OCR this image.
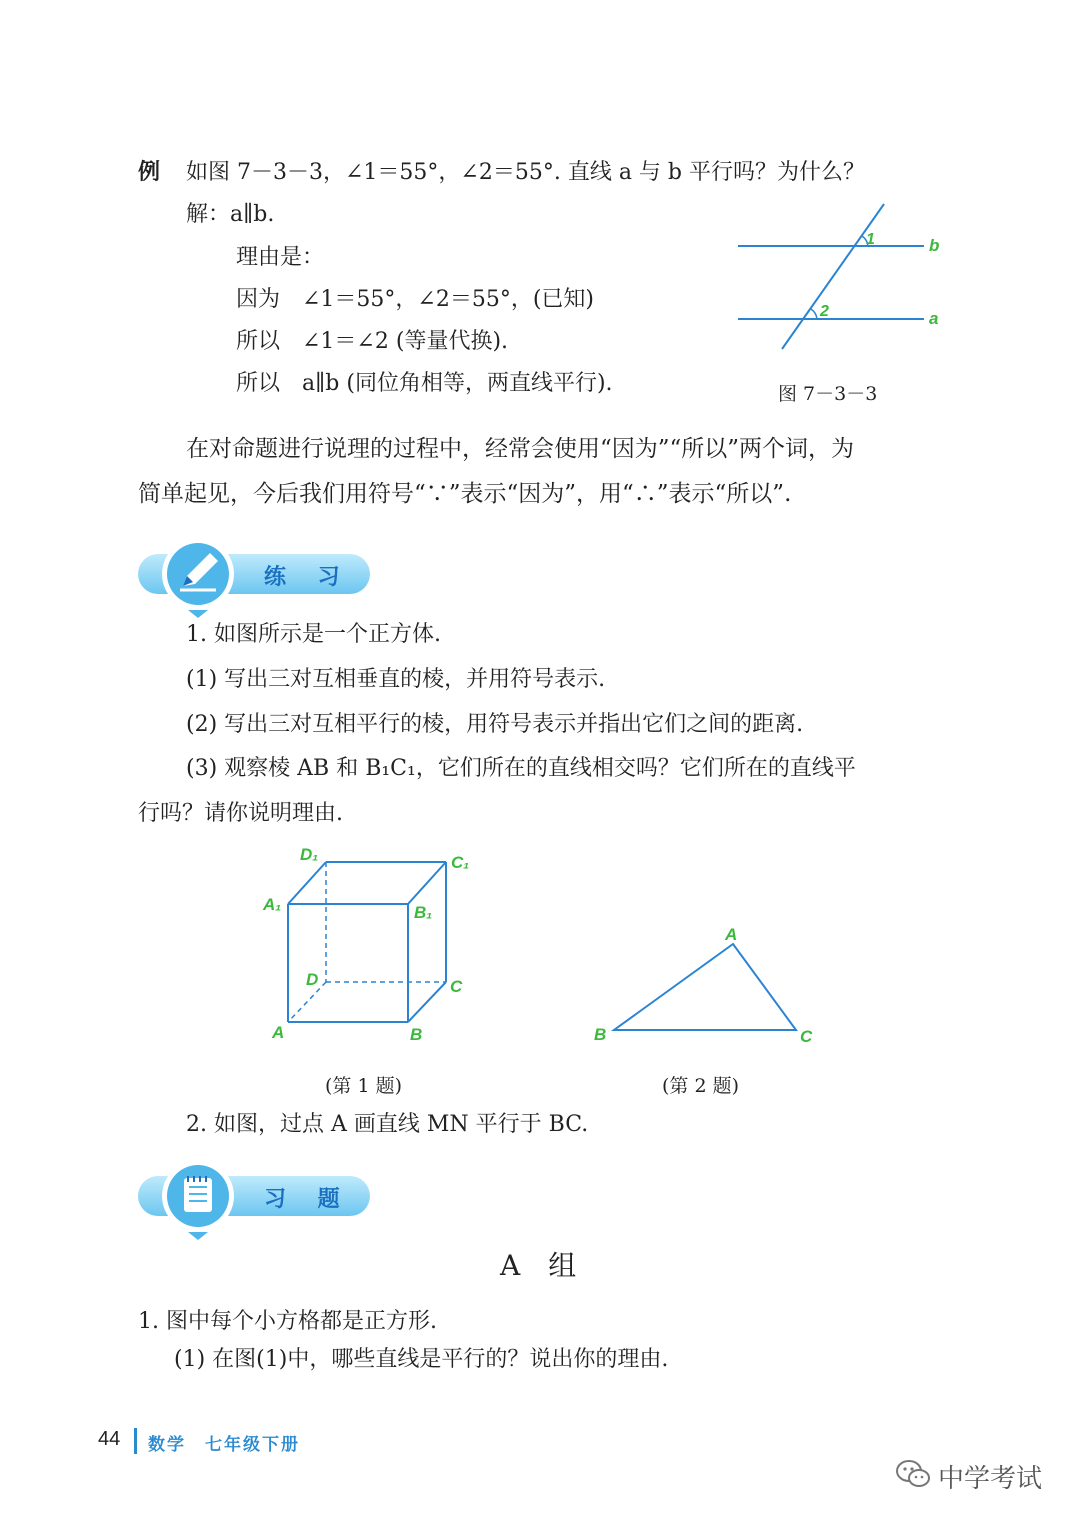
例 如图 7－3－3，∠1＝55°，∠2＝55°. 直线 a 与 b 平行吗？为什么？
解：a∥b.
理由是：
因为　∠1＝55°，∠2＝55°，(已知)
所以　∠1＝∠2 (等量代换).
所以　a∥b (同位角相等，两直线平行).
1
2
b
a
图 7－3－3
在对命题进行说理的过程中，经常会使用“因为”“所以”两个词，为
简单起见，今后我们用符号“∵”表示“因为”，用“∴”表示“所以”.
练 习
1. 如图所示是一个正方体.
(1) 写出三对互相垂直的棱，并用符号表示.
(2) 写出三对互相平行的棱，用符号表示并指出它们之间的距离.
(3) 观察棱 AB 和 B₁C₁，它们所在的直线相交吗？它们所在的直线平
行吗？请你说明理由.
D₁	C₁
A₁	B₁
D	C
A	B
(第 1 题)
A
B	C
(第 2 题)
2. 如图，过点 A 画直线 MN 平行于 BC.
习 题
A　组
1. 图中每个小方格都是正方形.
(1) 在图(1)中，哪些直线是平行的？说出你的理由.
44 数学　七年级下册
中学考试
